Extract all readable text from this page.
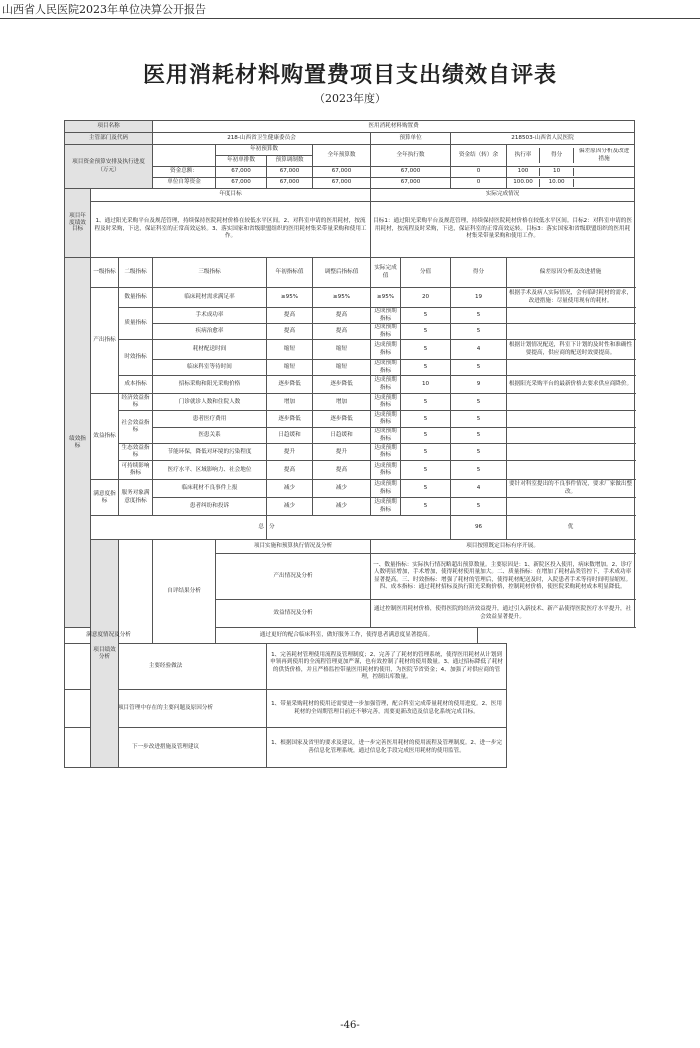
山西省人民医院2023年单位决算公开报告
医用消耗材料购置费项目支出绩效自评表
（2023年度）
项目名称	医用消耗材料购置费
主管部门及代码	218-山西省卫生健康委员会	预算单位	218503-山西省人民医院
项目资金预算安排及执行进度（万元）		年初预算数	全年预算数	全年执行数	资金结（转）余		执行率	得分	偏差原因分析及改进措施

年初单排数	预算调制数
资金总额：	67,000	67,000	67,000	67,000	0		100	10	

单位自筹资金	67,000	67,000	67,000	67,000	0		100.00	10.00	

项目年度绩效目标	年度目标	实际完成情况
1、通过阳光采购平台及规范管理，持续保持医院耗材价格在较低水平区间。2、对科室申请的医用耗材，按流程及时采购，下送，保证科室的正常高效运转。3、落实国家和省级联盟组织的医用耗材集采带量采购和使用工作。	目标1：通过阳光采购平台及规范管理，持续保持医院耗材价格在较低水平区间。目标2：对科室申请的医用耗材，按流程及时采购，下送，保证科室的正常高效运转。目标3：落实国家和省级联盟组织的医用耗材集采带量采购和使用工作。
绩效指标	一级指标	二级指标	三级指标	年初指标值	调整后指标值	实际完成值	分值	得分	偏差原因分析及改进措施
产出指标	数量指标	临床耗材需求满足率	≥95%	≥95%	≥95%	20	19	根据手术及病人实际情况，会有临时耗材的需求，改进措施：尽量使用现有的耗材。
质量指标	手术成功率	提高	提高	达成预期指标	5	5	
疾病治愈率	提高	提高	达成预期指标	5	5	
时效指标	耗材配送时间	缩短	缩短	达成预期指标	5	4	根据计划情况配送，科室下计划的及时性和准确性要提高，供应商的配送时效要提高。
临床科室等待时间	缩短	缩短	达成预期指标	5	5	
成本指标	招标采购和阳光采购价格	逐步降低	逐步降低	达成预期指标	10	9	根据阳光采购平台的最新价格去要求供应商降价。
效益指标	经济效益指标	门诊就诊人数和住院人数	增加	增加	达成预期指标	5	5	
社会效益指标	患者医疗费用	逐步降低	逐步降低	达成预期指标	5	5	
医患关系	日趋缓和	日趋缓和	达成预期指标	5	5	
生态效益指标	节能环保，降低对环境的污染程度	提升	提升	达成预期指标	5	5	
可持续影响指标	医疗水平、区域影响力、社会地位	提高	提高	达成预期指标	5	5	
满意度指标	服务对象满意度指标	临床耗材不良事件上报	减少	减少	达成预期指标	5	4	要针对科室提出的不良事件情况，要求厂家做出整改。
患者纠纷和投诉	减少	减少	达成预期指标	5	5	
总	分	96	优
项目绩效分析		自评结果分析	项目实施和预算执行情况及分析	项目按照既定目标有序开展。
产出情况及分析	一、数量指标：实际执行情况略超出预算数量。主要原因是：1、新院区投入使用，病床数增加。2、诊疗人数明显增加，手术增加，使得耗材使用量加大。二、质量指标：在增加了耗材品类管控下，手术成功率显著提高。三、时效指标：增强了耗材的管理后，使得耗材配送及时，入院患者手术等待时间明显缩短。四、成本指标：通过耗材招标及执行阳光采购价格，控制耗材价格，使医院采购耗材成本明显降低。
效益情况及分析	通过控制医用耗材价格，使得医院的经济效益提升，通过引入新技术、新产品使得医院医疗水平提升，社会效益显著提升。
满意度情况及分析	通过更好的配合临床科室，做好服务工作，使得患者满意度显著提高。
主要经验做法	1、完善耗材管理使用流程及管理制度；2、完善了了耗材的管理系统，使得医用耗材从计划到申领再到使用的全流程管理更加严谨，也有效控制了耗材的使用数量。3、通过招标降低了耗材的供货价格，并且严格监控带量医用耗材的使用，为医院节省资金；4、加强了对供应商的管理，控制出库数量。
项目管理中存在的主要问题及原因分析	1、带量采购耗材的使用还需要进一步加强管理，配合科室完成带量耗材的使用进度。2、医用耗材的全周期管理目前还不够完善，需要更新改造及信息化系统完成目标。
下一步改进措施及管理建议	1、根据国家及省里的要求及建议，进一步完善医用耗材的使用流程及管理制度。2、进一步完善信息化管理系统，通过信息化手段完成医用耗材的使用监管。
-46-
